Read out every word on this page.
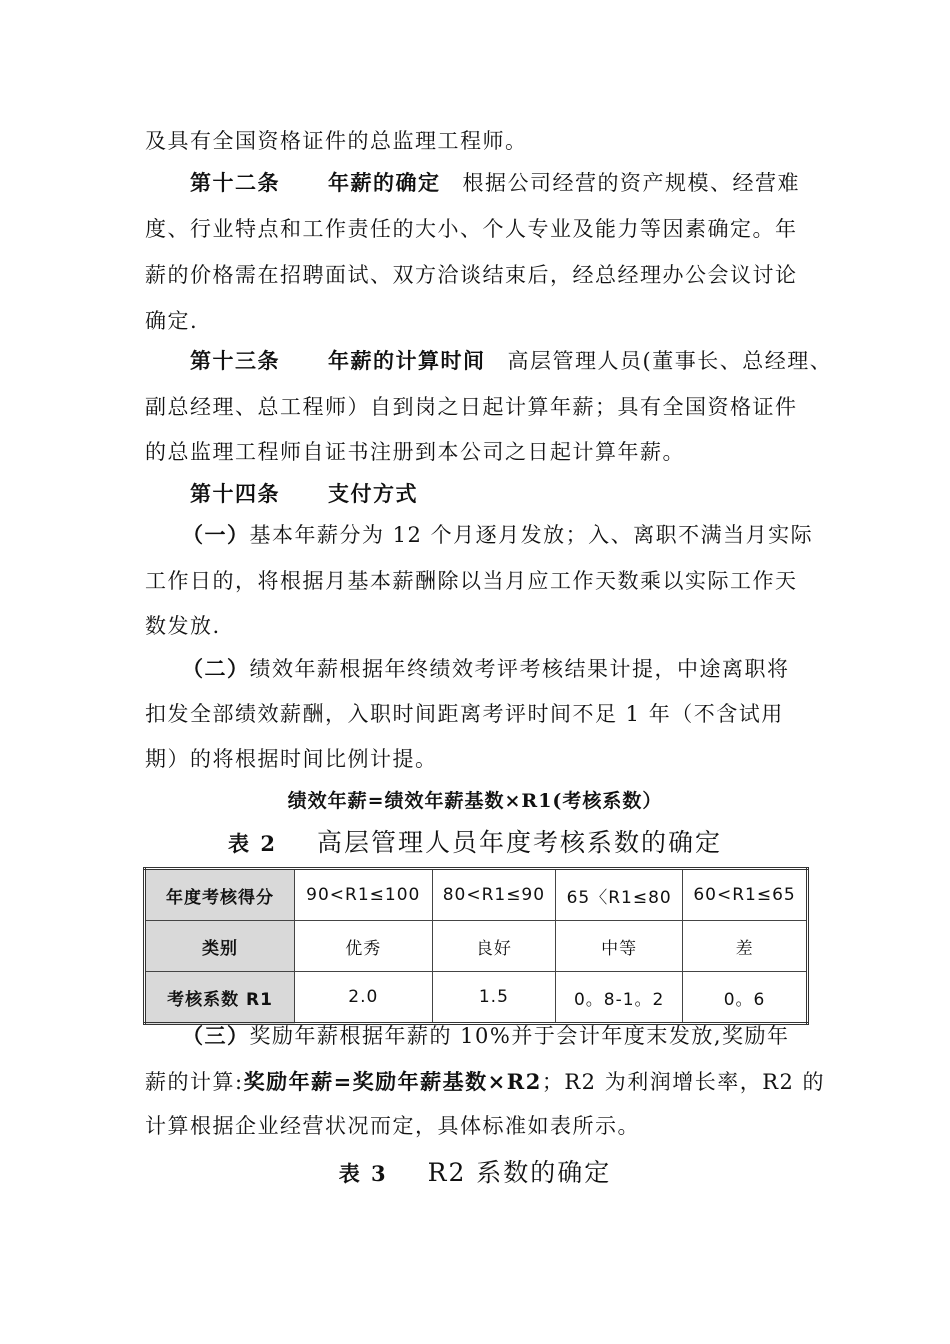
及具有全国资格证件的总监理工程师。
第十二条 年薪的确定 根据公司经营的资产规模、经营难
度、行业特点和工作责任的大小、个人专业及能力等因素确定。年
薪的价格需在招聘面试、双方洽谈结束后，经总经理办公会议讨论
确定.
第十三条 年薪的计算时间 高层管理人员(董事长、总经理、
副总经理、总工程师）自到岗之日起计算年薪；具有全国资格证件
的总监理工程师自证书注册到本公司之日起计算年薪。
第十四条 支付方式
（一）基本年薪分为 12 个月逐月发放；入、离职不满当月实际
工作日的，将根据月基本薪酬除以当月应工作天数乘以实际工作天
数发放.
（二）绩效年薪根据年终绩效考评考核结果计提，中途离职将
扣发全部绩效薪酬，入职时间距离考评时间不足 1 年（不含试用
期）的将根据时间比例计提。
绩效年薪=绩效年薪基数×R1(考核系数）
表 2 高层管理人员年度考核系数的确定
年度考核得分	90<R1≤100	80<R1≤90	65〈R1≤80	60<R1≤65
类别	优秀	良好	中等	差
考核系数 R1	2.0	1.5	0。8-1。2	0。6
（三）奖励年薪根据年薪的 10%并于会计年度末发放,奖励年
薪的计算:奖励年薪=奖励年薪基数×R2；R2 为利润增长率，R2 的
计算根据企业经营状况而定，具体标准如表所示。
表 3 R2 系数的确定
